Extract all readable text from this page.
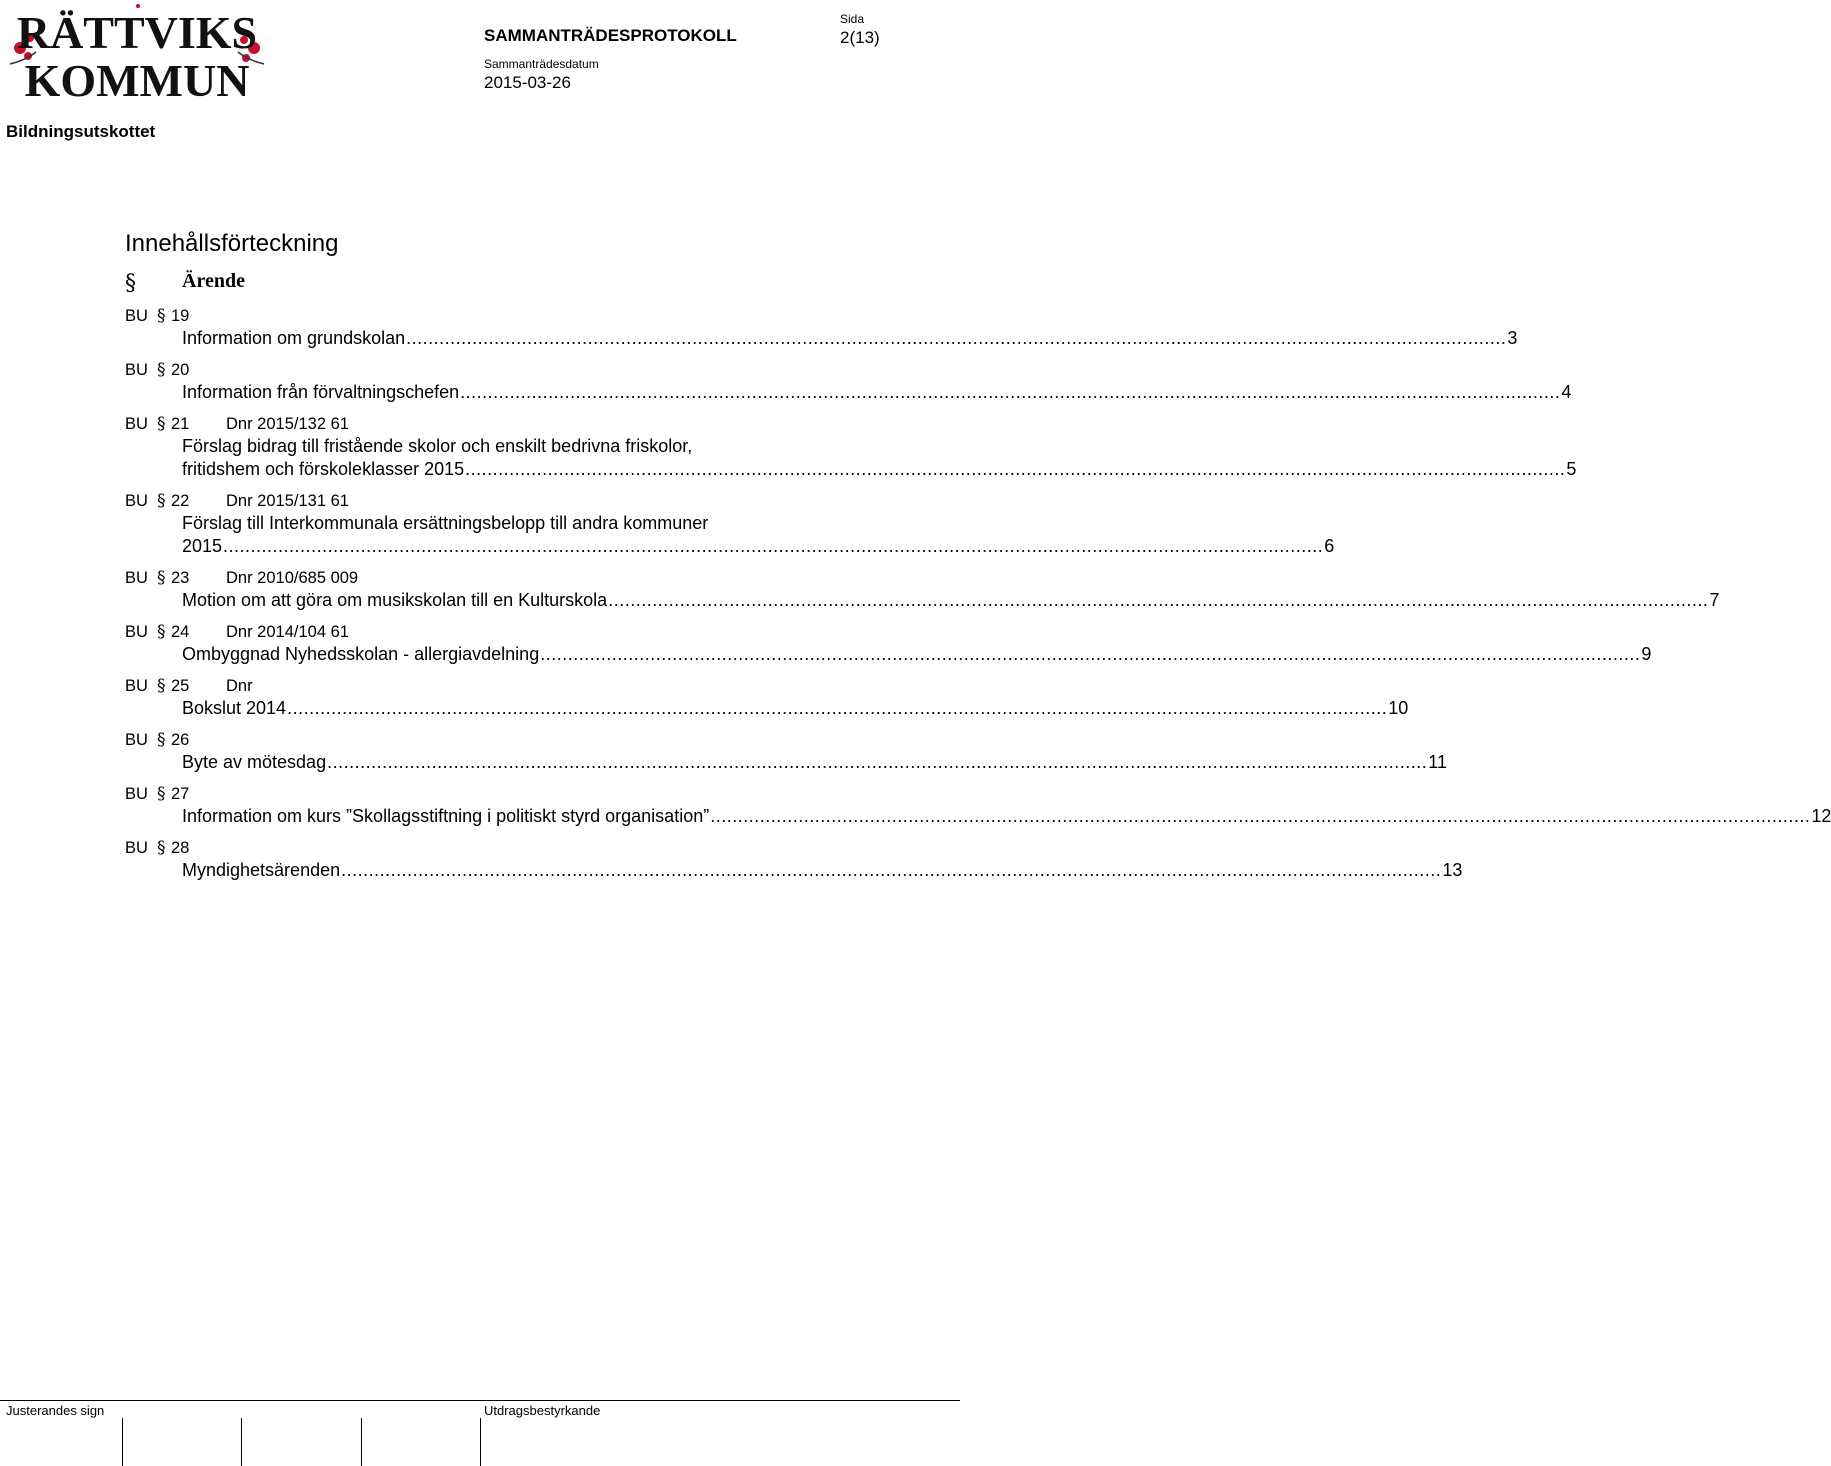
RÄTTVIKS
KOMMUN
Sida
2(13)
SAMMANTRÄDESPROTOKOLL
Sammanträdesdatum
2015-03-26
Bildningsutskottet
Innehållsförteckning
§ Ärende
BU § 19
Information om grundskolan ........................................................................................................................................................................................................ 3
BU § 20
Information från förvaltningschefen ........................................................................................................................................................................................................ 4
BU § 21 Dnr 2015/132 61
Förslag bidrag till fristående skolor och enskilt bedrivna friskolor,
fritidshem och förskoleklasser 2015 ........................................................................................................................................................................................................ 5
BU § 22 Dnr 2015/131 61
Förslag till Interkommunala ersättningsbelopp till andra kommuner
2015 ........................................................................................................................................................................................................ 6
BU § 23 Dnr 2010/685 009
Motion om att göra om musikskolan till en Kulturskola ........................................................................................................................................................................................................ 7
BU § 24 Dnr 2014/104 61
Ombyggnad Nyhedsskolan - allergiavdelning ........................................................................................................................................................................................................ 9
BU § 25 Dnr
Bokslut 2014 ........................................................................................................................................................................................................ 10
BU § 26
Byte av mötesdag ........................................................................................................................................................................................................ 11
BU § 27
Information om kurs ”Skollagsstiftning i politiskt styrd organisation” ........................................................................................................................................................................................................ 12
BU § 28
Myndighetsärenden ........................................................................................................................................................................................................ 13
Justerandes sign	Utdragsbestyrkande
